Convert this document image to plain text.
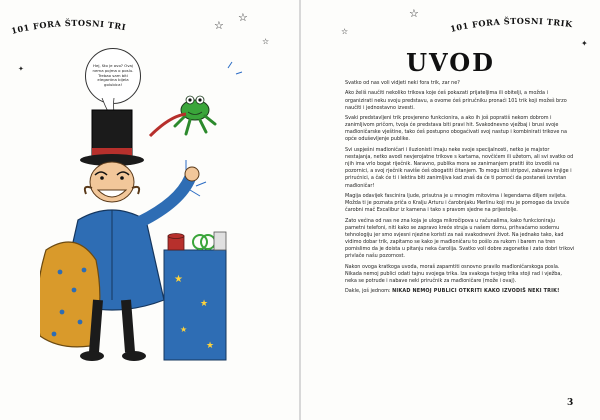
101 FORA ŠTOSNI TRIK
☆
☆
☆
✦	Hej, što je ovo? Ovaj nema pojma o poslu. Trebao sam biti elegantna bijela golubica!
★
★
★
★
101 FORA ŠTOSNI TRIK
☆
☆
✦
UVOD

Svatko od nas voli vidjeti neki fora trik, zar ne?

Ako želiš naučiti nekoliko trikova koje ćeš pokazati prijateljima ili obitelji, a možda i organizirati neku svoju predstavu, a ovome ćeš priručniku pronaći 101 trik koji možeš brzo naučiti i jednostavno izvesti.

Svaki predstavljeni trik provjereno funkcionira, a ako ih još popratiš nekom dobrom i zanimljivom pričom, tvoja će predstava biti pravi hit. Svakodnevno vježbaj i brusi svoje mađioničarske vještine, tako ćeš postupno obogaćivati svoj nastup i kombinirati trikove na opće oduševljenje publike.

Svi uspješni mađioničari i iluzionisti imaju neke svoje specijalnosti, netko je majstor nestajanja, netko avodi nevjerojatne trikove s kartama, novčićem ili užetom, ali svi svatko od njih ima vrlo bogat riječnik. Naravno, publika mora se zanimanjem pratiti što izvodiš na pozornici, a svoj rječnik naviše ćeš obogatiti čitanjem. To mogu biti stripovi, zabavne knjige i prirućnici, a čak će ti i lektira biti zanimljiva kad znaš da će ti pomoći da postaneš izvrstan mađioničar!

Magija odavijek fascinira ljude, prisutna je u mnogim mitovima i legendama diljem svijeta. Možda ti je poznata priča o Kralju Arturu i čarobnjaku Merlinu koji mu je pomogao da izvuče čarobni mač Excalibur iz kamena i tako s pravom sjedne na prijestolje.

Zato većina od nas ne zna koja je uloga mikročipova u računalima, kako funkcioniraju pametni telefoni, niti kako se zapravo kreće struja u našem domu, prihvaćamo sodernu tehnologiju jer smo svjesni njezine koristi za naš svakodnevni život. Na jednako tako, kad vidimo dobar trik, zapitamo se kako je mađioničaru to pošlo za rukom i barem na tren pomislimo da je doista u pitanju neka čarolija. Svatko voli dobre zagonetke i zato dobri trikovi privlače našu pozornost.

Nakon ovoga kratkoga uvoda, moraš zapamtiti osnovno pravilo mađioničarskoga posla. Nikada nemoj publici odati tajnu svojega trika. Iza svakoga tvojeg trika stoji rad i vježba, neka se potrude i nabave neki priručnik za mađioničare (može i ovaj).

Dakle, još jednom: NIKAD NEMOJ PUBLICI OTKRITI KAKO IZVODIŠ NEKI TRIK!

3
